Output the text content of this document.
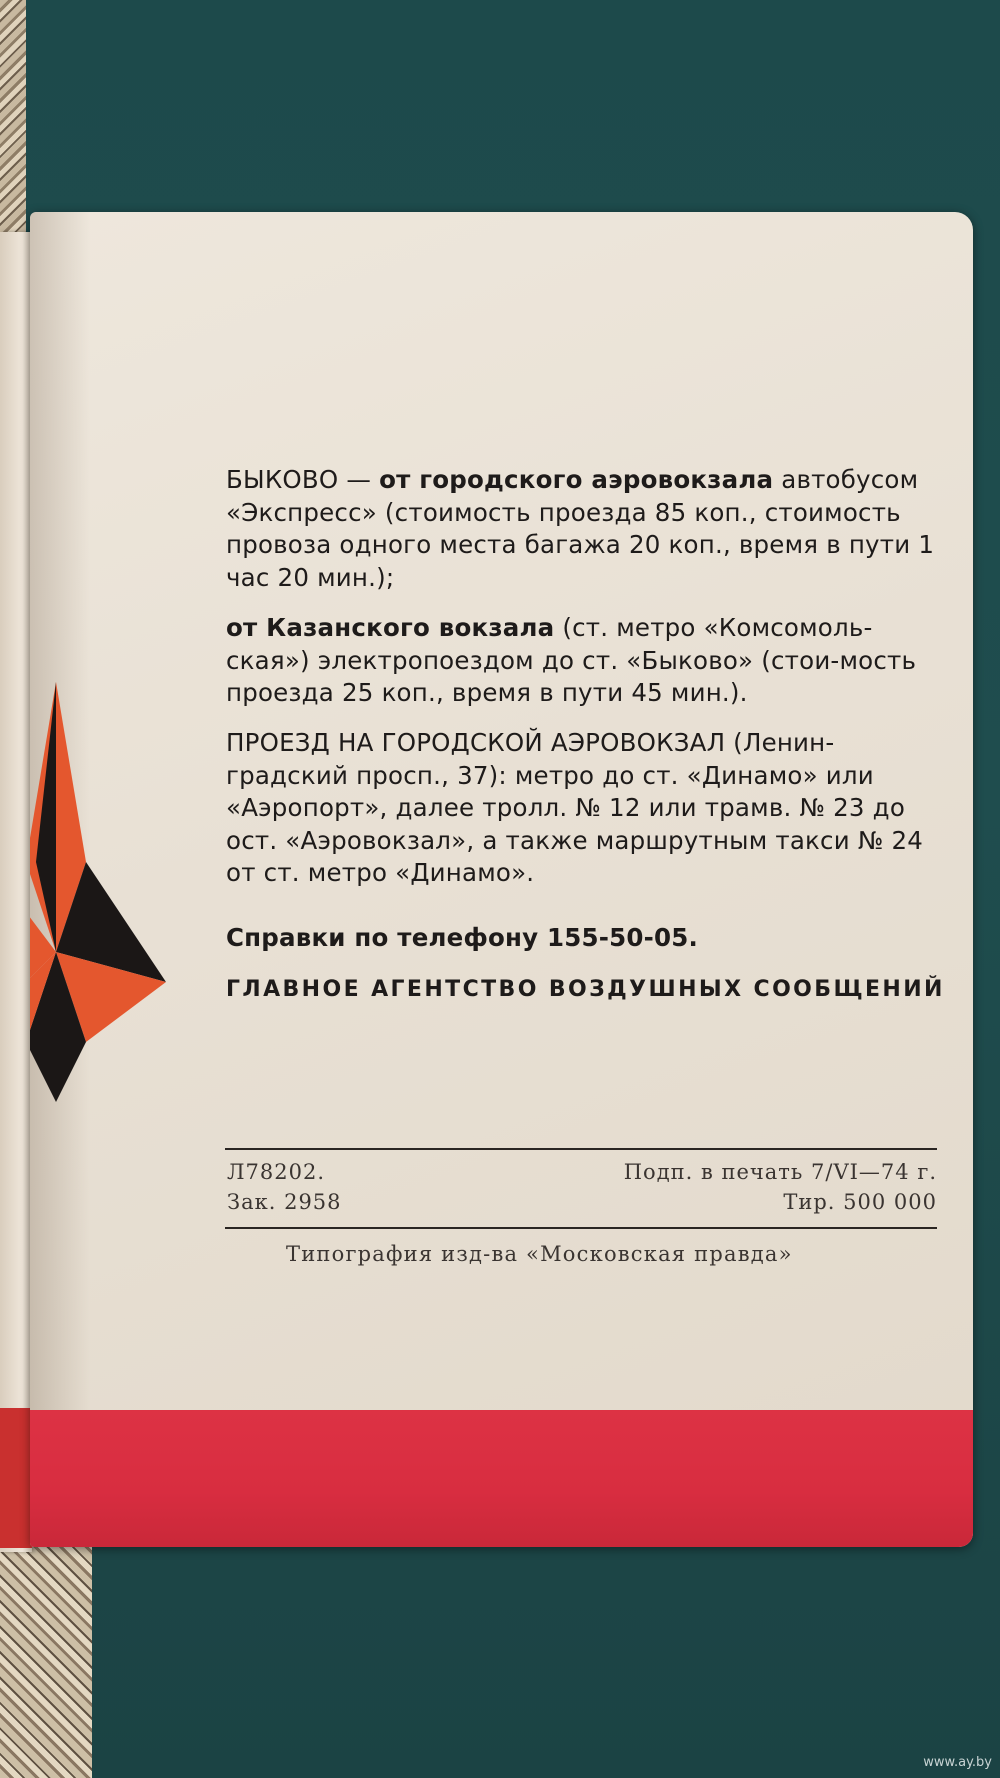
БЫКОВО — от городского аэровокзала автобусом «Экспресс» (стоимость проезда 85 коп., стоимость провоза одного места багажа 20 коп., время в пути 1 час 20 мин.);
от Казанского вокзала (ст. метро «Комсомоль-ская») электропоездом до ст. «Быково» (стои-мость проезда 25 коп., время в пути 45 мин.).
ПРОЕЗД НА ГОРОДСКОЙ АЭРОВОКЗАЛ (Ленин-градский просп., 37): метро до ст. «Динамо» или «Аэропорт», далее тролл. № 12 или трамв. № 23 до ост. «Аэровокзал», а также маршрутным такси № 24 от ст. метро «Динамо».
Справки по телефону 155-50-05.
ГЛАВНОЕ АГЕНТСТВО ВОЗДУШНЫХ СООБЩЕНИЙ
Л78202.	Подп. в печать 7/VI—74 г.
Зак. 2958	Тир. 500 000
Типография изд-ва «Московская правда»
www.ay.by
